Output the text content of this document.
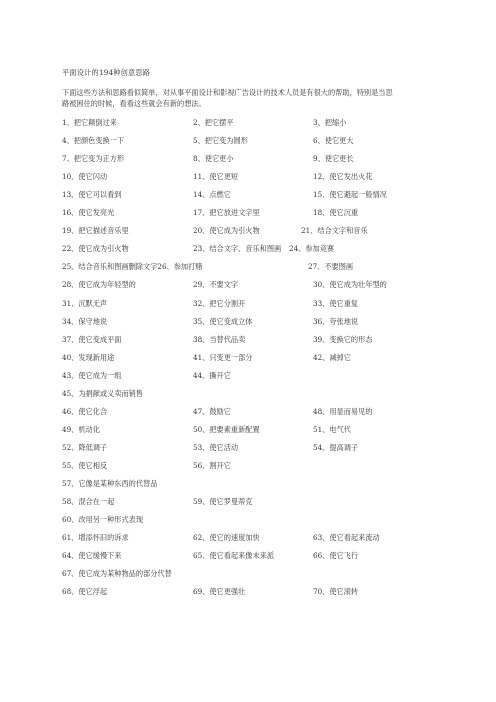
平面设计的194种创意思路
下面这些方法和思路看似简单，对从事平面设计和影视广告设计的技术人员是有很大的帮助，特别是当思
路被困住的时候，看看这些就会有新的想法。
1、把它颠倒过来	2、把它摆平	3、把缩小
4、把颜色变换一下	5、把它变为圆形	6、使它更大
7、把它变为正方形	8、使它更小	9、使它更长
10、使它闪动	11、使它更短	12、使它发出火花
13、使它可以看到	14、点燃它	15、使它避起一般情况
16、使它发亮光	17、把它放进文字里	18、使它沉重
19、把它描述音乐里	20、使它成为引火物	21、结合文字和音乐
22、使它成为引火物	23、结合文字、音乐和图画 24、参加竞赛
25、结合音乐和图画删除文字26、参加打赌	27、不要图画
28、使它成为年轻型的	29、不要文字	30、使它成为壮年型的
31、沉默无声	32、把它分割开	33、使它重复
34、保守地说	35、使它变成立体	36、夸张地说
37、使它变成平面	38、当替代品卖	39、变换它的形态
40、发现新用途	41、只变更一部分	42、减掉它
43、使它成为一组	44、撕开它
45、为捐献或义卖而销售
46、使它化合	47、鼓励它	48、用显而易见的
49、机动化	50、把要素重新配置	51、电气代
52、降低调子	53、使它活动	54、提高调子
55、使它相反	56、割开它
57、它像是某种东西的代替品
58、混合在一起	59、使它罗曼蒂克
60、改用另一种形式表现
61、增添怀旧的诉求	62、使它的速度加快	63、使它看起来流动
64、使它缓慢下来	65、使它看起来像未来派	66、使它飞行
67、使它成为某种物品的部分代替
68、使它浮起	69、使它更强壮	70、使它滚转
